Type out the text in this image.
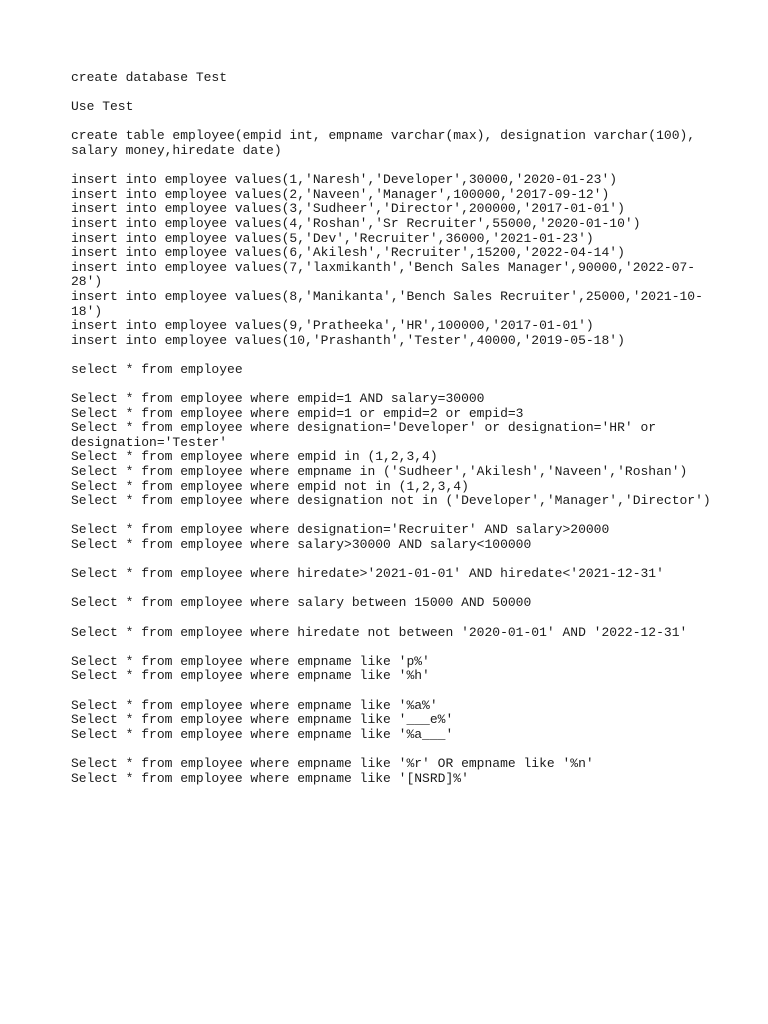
create database Test
Use Test
create table employee(empid int, empname varchar(max), designation varchar(100),
salary money,hiredate date)
insert into employee values(1,'Naresh','Developer',30000,'2020-01-23')
insert into employee values(2,'Naveen','Manager',100000,'2017-09-12')
insert into employee values(3,'Sudheer','Director',200000,'2017-01-01')
insert into employee values(4,'Roshan','Sr Recruiter',55000,'2020-01-10')
insert into employee values(5,'Dev','Recruiter',36000,'2021-01-23')
insert into employee values(6,'Akilesh','Recruiter',15200,'2022-04-14')
insert into employee values(7,'laxmikanth','Bench Sales Manager',90000,'2022-07-
28')
insert into employee values(8,'Manikanta','Bench Sales Recruiter',25000,'2021-10-
18')
insert into employee values(9,'Pratheeka','HR',100000,'2017-01-01')
insert into employee values(10,'Prashanth','Tester',40000,'2019-05-18')
select * from employee
Select * from employee where empid=1 AND salary=30000
Select * from employee where empid=1 or empid=2 or empid=3
Select * from employee where designation='Developer' or designation='HR' or
designation='Tester'
Select * from employee where empid in (1,2,3,4)
Select * from employee where empname in ('Sudheer','Akilesh','Naveen','Roshan')
Select * from employee where empid not in (1,2,3,4)
Select * from employee where designation not in ('Developer','Manager','Director')
Select * from employee where designation='Recruiter' AND salary>20000
Select * from employee where salary>30000 AND salary<100000
Select * from employee where hiredate>'2021-01-01' AND hiredate<'2021-12-31'
Select * from employee where salary between 15000 AND 50000
Select * from employee where hiredate not between '2020-01-01' AND '2022-12-31'
Select * from employee where empname like 'p%'
Select * from employee where empname like '%h'
Select * from employee where empname like '%a%'
Select * from employee where empname like '___e%'
Select * from employee where empname like '%a___'
Select * from employee where empname like '%r' OR empname like '%n'
Select * from employee where empname like '[NSRD]%'
